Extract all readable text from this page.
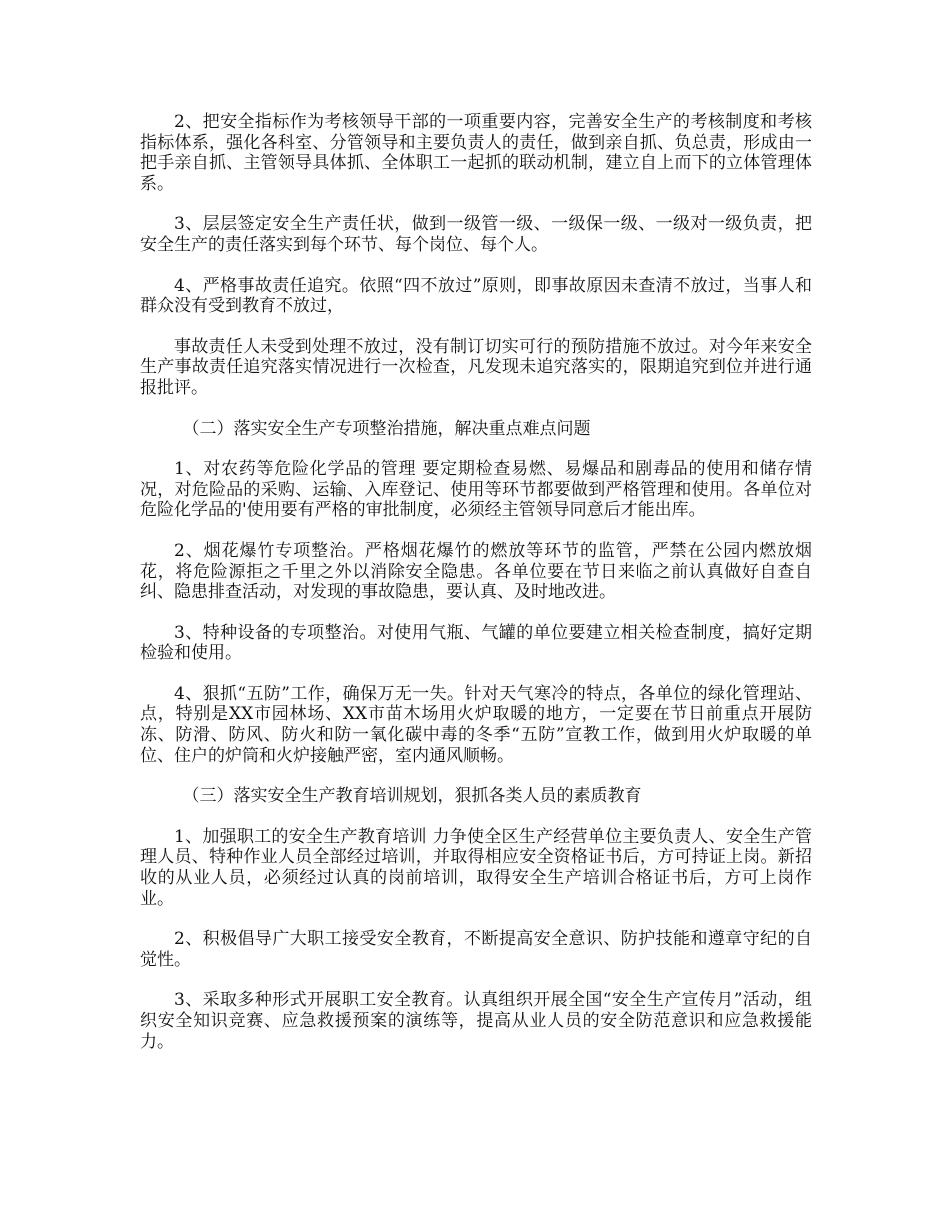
2、把安全指标作为考核领导干部的一项重要内容，完善安全生产的考核制度和考核指标体系，强化各科室、分管领导和主要负责人的责任，做到亲自抓、负总责，形成由一把手亲自抓、主管领导具体抓、全体职工一起抓的联动机制，建立自上而下的立体管理体系。

3、层层签定安全生产责任状，做到一级管一级、一级保一级、一级对一级负责，把安全生产的责任落实到每个环节、每个岗位、每个人。

4、严格事故责任追究。依照“四不放过”原则，即事故原因未查清不放过，当事人和群众没有受到教育不放过，

事故责任人未受到处理不放过，没有制订切实可行的预防措施不放过。对今年来安全生产事故责任追究落实情况进行一次检查，凡发现未追究落实的，限期追究到位并进行通报批评。

（二）落实安全生产专项整治措施，解决重点难点问题

1、对农药等危险化学品的管理 要定期检查易燃、易爆品和剧毒品的使用和储存情况，对危险品的采购、运输、入库登记、使用等环节都要做到严格管理和使用。各单位对危险化学品的'使用要有严格的审批制度，必须经主管领导同意后才能出库。

2、烟花爆竹专项整治。严格烟花爆竹的燃放等环节的监管，严禁在公园内燃放烟花，将危险源拒之千里之外以消除安全隐患。各单位要在节日来临之前认真做好自查自纠、隐患排查活动，对发现的事故隐患，要认真、及时地改进。

3、特种设备的专项整治。对使用气瓶、气罐的单位要建立相关检查制度，搞好定期检验和使用。

4、狠抓“五防”工作，确保万无一失。针对天气寒冷的特点，各单位的绿化管理站、点，特别是XX市园林场、XX市苗木场用火炉取暖的地方，一定要在节日前重点开展防冻、防滑、防风、防火和防一氧化碳中毒的冬季“五防”宣教工作，做到用火炉取暖的单位、住户的炉筒和火炉接触严密，室内通风顺畅。

（三）落实安全生产教育培训规划，狠抓各类人员的素质教育

1、加强职工的安全生产教育培训 力争使全区生产经营单位主要负责人、安全生产管理人员、特种作业人员全部经过培训，并取得相应安全资格证书后，方可持证上岗。新招收的从业人员，必须经过认真的岗前培训，取得安全生产培训合格证书后，方可上岗作业。

2、积极倡导广大职工接受安全教育，不断提高安全意识、防护技能和遵章守纪的自觉性。

3、采取多种形式开展职工安全教育。认真组织开展全国“安全生产宣传月”活动，组织安全知识竞赛、应急救援预案的演练等，提高从业人员的安全防范意识和应急救援能力。
